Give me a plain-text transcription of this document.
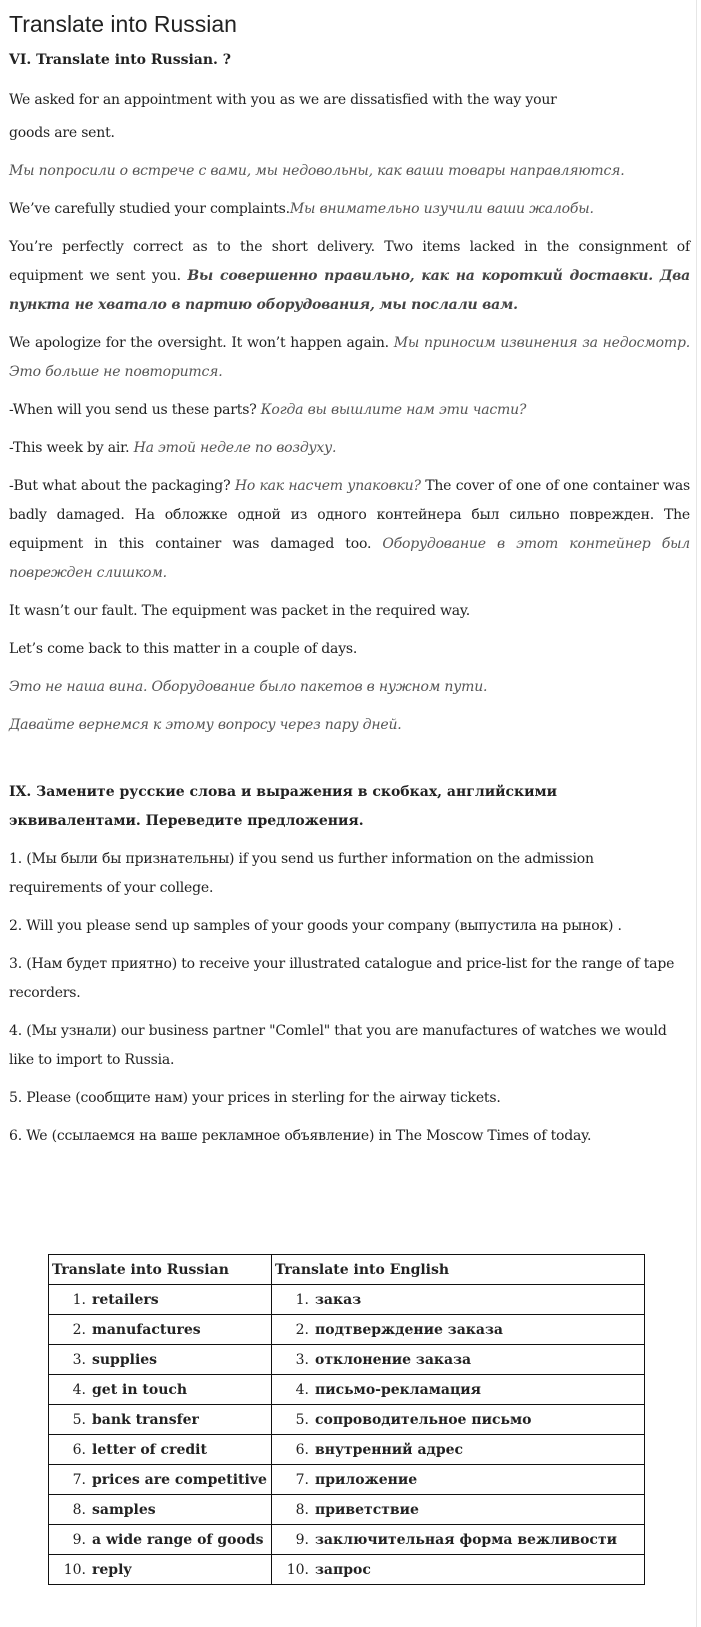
Translate into Russian
VI. Translate into Russian. ?

We asked for an appointment with you as we are dissatisfied with the way your

goods are sent.

Мы попросили о встрече с вами, мы недовольны, как ваши товары направляются.

We’ve carefully studied your complaints.Мы внимательно изучили ваши жалобы.

You’re perfectly correct as to the short delivery. Two items lacked in the consignment of equipment we sent you. Вы совершенно правильно, как на короткий доставки. Два пункта не хватало в партию оборудования, мы послали вам.

We apologize for the oversight. It won’t happen again. Мы приносим извинения за недосмотр. Это больше не повторится.

-When will you send us these parts? Когда вы вышлите нам эти части?

-This week by air. На этой неделе по воздуху.

-But what about the packaging? Но как насчет упаковки? The cover of one of one container was badly damaged. На обложке одной из одного контейнера был сильно поврежден. The equipment in this container was damaged too. Оборудование в этот контейнер был поврежден слишком.

It wasn’t our fault. The equipment was packet in the required way.

Let’s come back to this matter in a couple of days.

Это не наша вина. Оборудование было пакетов в нужном пути.

Давайте вернемся к этому вопросу через пару дней.

IX. Замените русские слова и выражения в скобках, английскими
эквивалентами. Переведите предложения.

1. (Мы были бы признательны) if you send us further information on the admission requirements of your college.

2. Will you please send up samples of your goods your company (выпустила на рынок) .

3. (Нам будет приятно) to receive your illustrated catalogue and price-list for the range of tape recorders.

4. (Мы узнали) our business partner "Comlel" that you are manufactures of watches we would like to import to Russia.

5. Please (сообщите нам) your prices in sterling for the airway tickets.

6. We (ссылаемся на ваше рекламное объявление) in The Moscow Times of today.

Translate into Russian	Translate into English
1. retailers	1. заказ
2. manufactures	2. подтверждение заказа
3. supplies	3. отклонение заказа
4. get in touch	4. письмо-рекламация
5. bank transfer	5. сопроводительное письмо
6. letter of credit	6. внутренний адрес
7. prices are competitive	7. приложение
8. samples	8. приветствие
9. a wide range of goods	9. заключительная форма вежливости
10. reply	10. запрос
